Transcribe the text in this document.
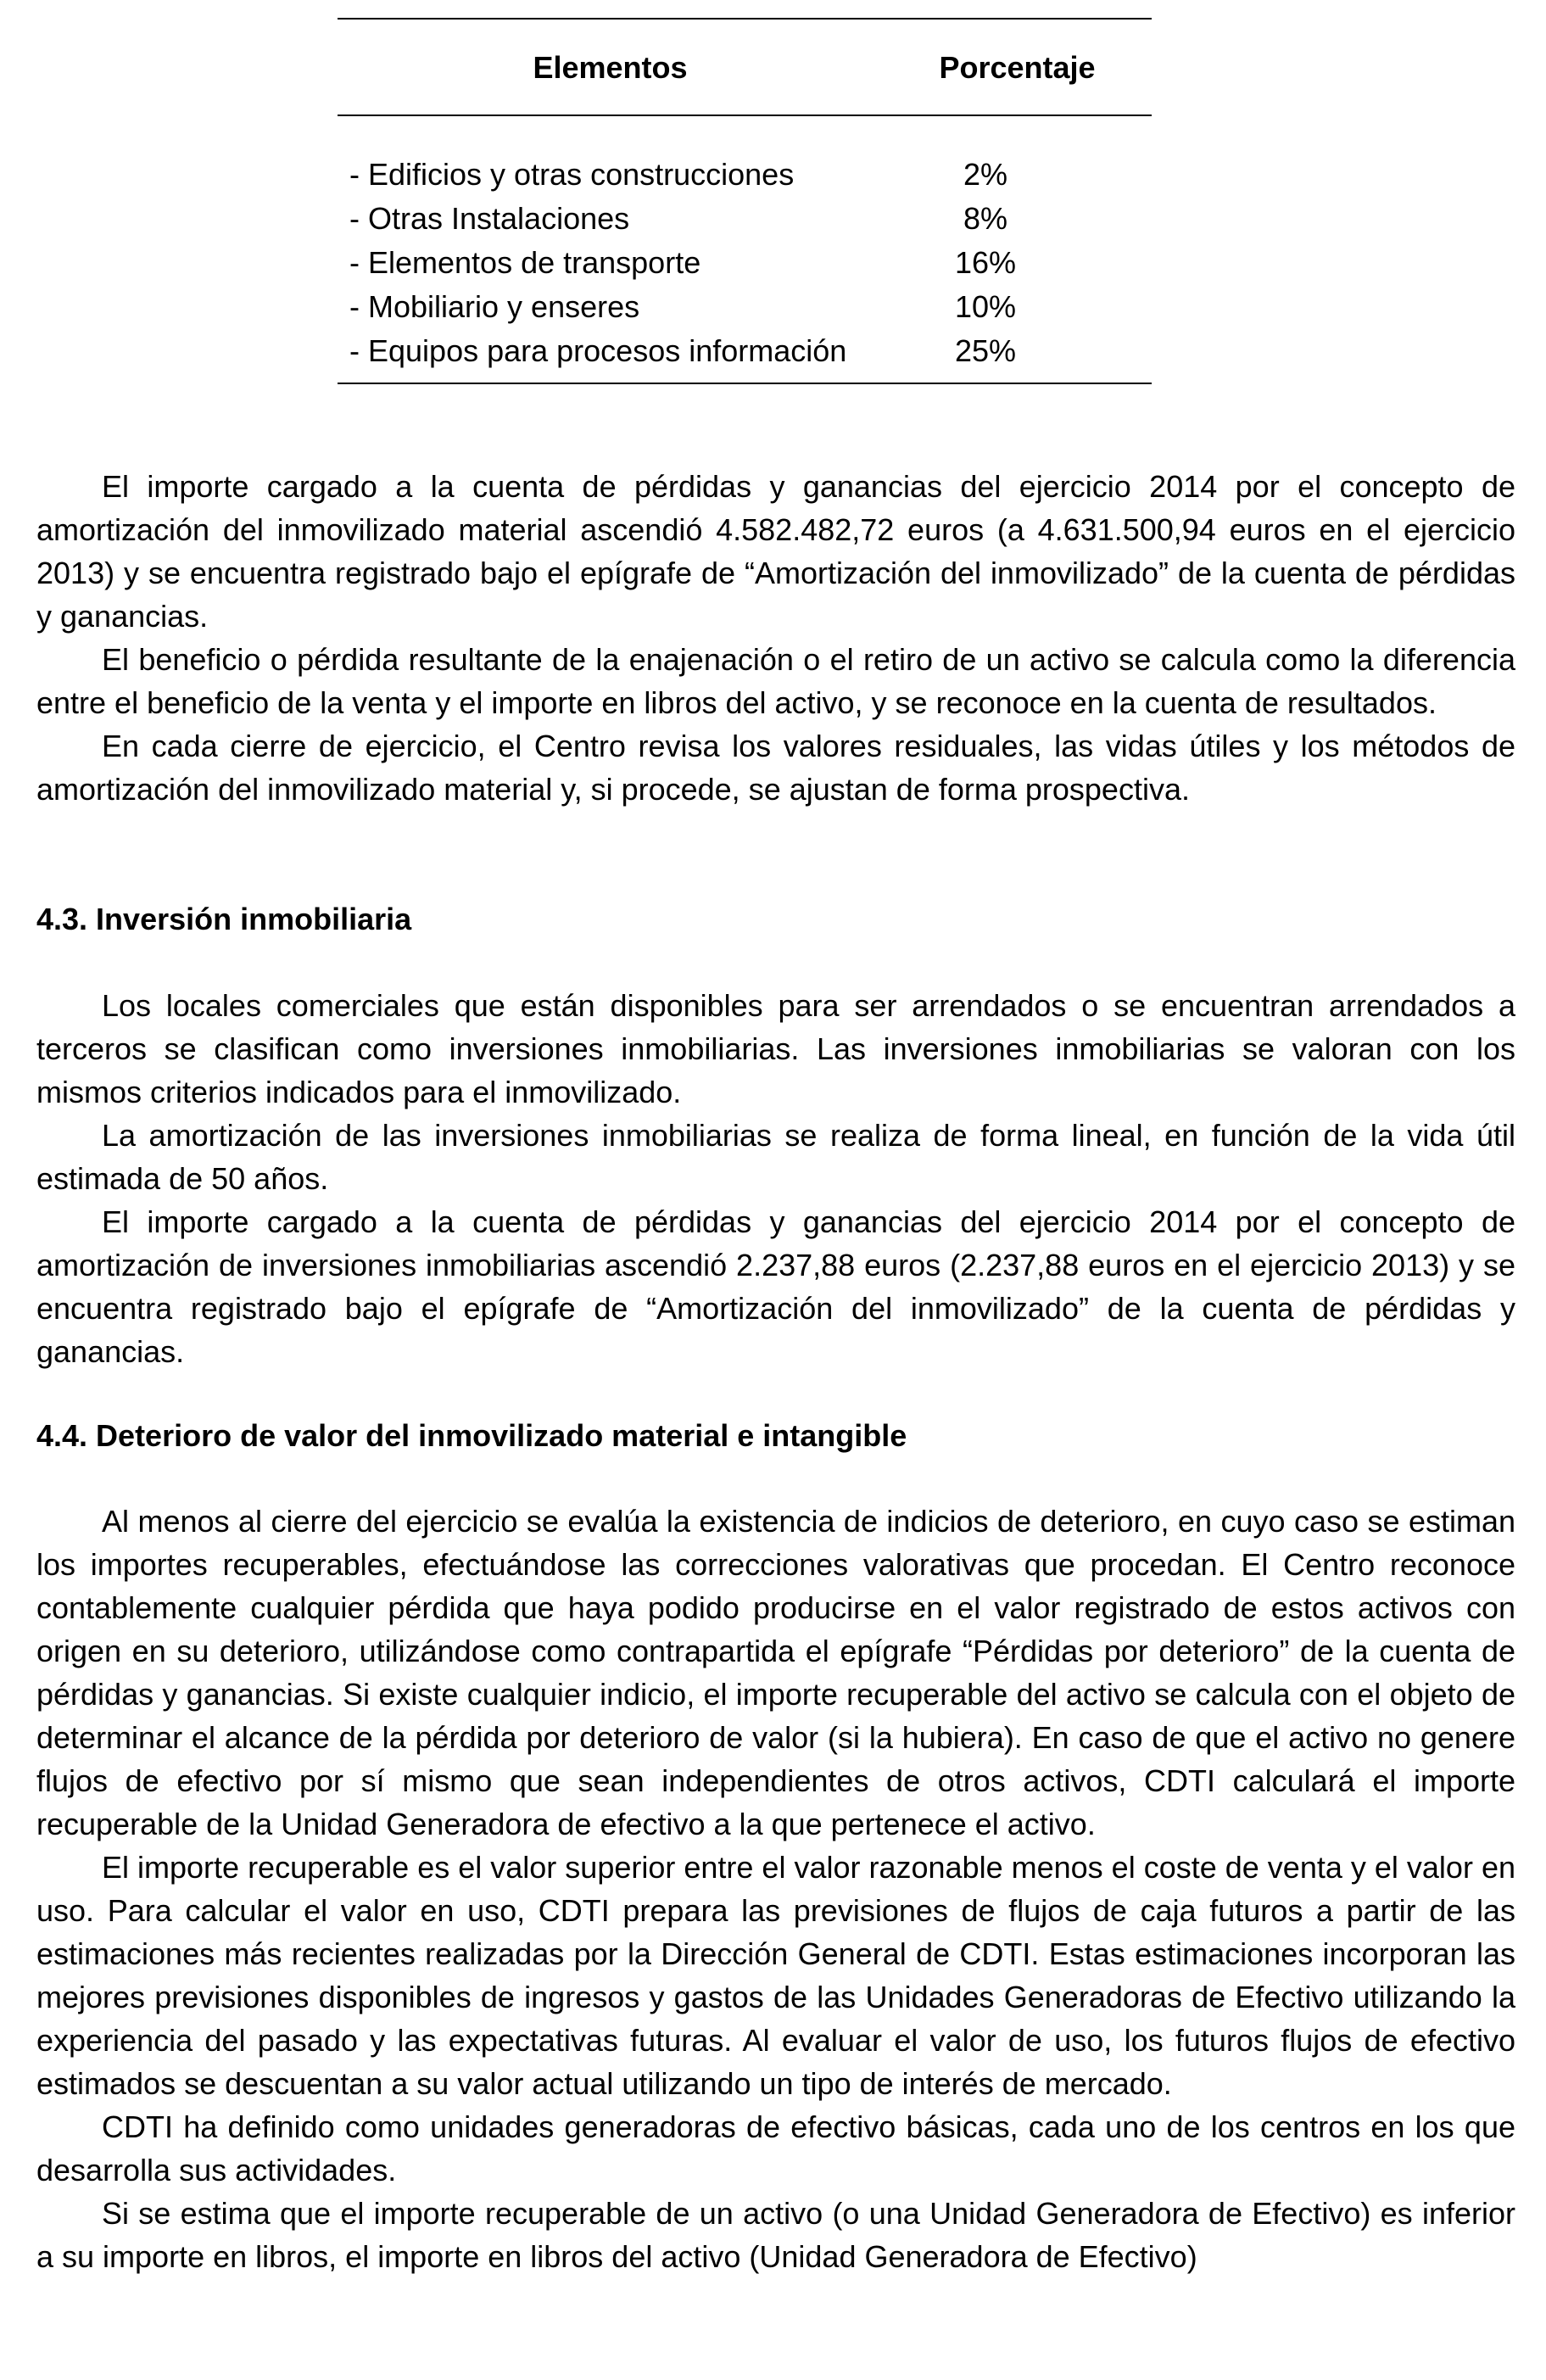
Elementos	Porcentaje
- Edificios y otras construcciones	2%
- Otras Instalaciones	8%
- Elementos de transporte	16%
- Mobiliario y enseres	10%
- Equipos para procesos información	25%

El importe cargado a la cuenta de pérdidas y ganancias del ejercicio 2014 por el concepto de amortización del inmovilizado material ascendió 4.582.482,72 euros (a 4.631.500,94 euros en el ejercicio 2013) y se encuentra registrado bajo el epígrafe de “Amortización del inmovilizado” de la cuenta de pérdidas y ganancias.

El beneficio o pérdida resultante de la enajenación o el retiro de un activo se calcula como la diferencia entre el beneficio de la venta y el importe en libros del activo, y se reconoce en la cuenta de resultados.

En cada cierre de ejercicio, el Centro revisa los valores residuales, las vidas útiles y los métodos de amortización del inmovilizado material y, si procede, se ajustan de forma prospectiva.

4.3. Inversión inmobiliaria

Los locales comerciales que están disponibles para ser arrendados o se encuentran arrendados a terceros se clasifican como inversiones inmobiliarias. Las inversiones inmobiliarias se valoran con los mismos criterios indicados para el inmovilizado.

La amortización de las inversiones inmobiliarias se realiza de forma lineal, en función de la vida útil estimada de 50 años.

El importe cargado a la cuenta de pérdidas y ganancias del ejercicio 2014 por el concepto de amortización de inversiones inmobiliarias ascendió 2.237,88 euros (2.237,88 euros en el ejercicio 2013) y se encuentra registrado bajo el epígrafe de “Amortización del inmovilizado” de la cuenta de pérdidas y ganancias.

4.4. Deterioro de valor del inmovilizado material e intangible

Al menos al cierre del ejercicio se evalúa la existencia de indicios de deterioro, en cuyo caso se estiman los importes recuperables, efectuándose las correcciones valorativas que procedan. El Centro reconoce contablemente cualquier pérdida que haya podido producirse en el valor registrado de estos activos con origen en su deterioro, utilizándose como contrapartida el epígrafe “Pérdidas por deterioro” de la cuenta de pérdidas y ganancias. Si existe cualquier indicio, el importe recuperable del activo se calcula con el objeto de determinar el alcance de la pérdida por deterioro de valor (si la hubiera). En caso de que el activo no genere flujos de efectivo por sí mismo que sean independientes de otros activos, CDTI calculará el importe recuperable de la Unidad Generadora de efectivo a la que pertenece el activo.

El importe recuperable es el valor superior entre el valor razonable menos el coste de venta y el valor en uso. Para calcular el valor en uso, CDTI prepara las previsiones de flujos de caja futuros a partir de las estimaciones más recientes realizadas por la Dirección General de CDTI. Estas estimaciones incorporan las mejores previsiones disponibles de ingresos y gastos de las Unidades Generadoras de Efectivo utilizando la experiencia del pasado y las expectativas futuras. Al evaluar el valor de uso, los futuros flujos de efectivo estimados se descuentan a su valor actual utilizando un tipo de interés de mercado.

CDTI ha definido como unidades generadoras de efectivo básicas, cada uno de los centros en los que desarrolla sus actividades.

Si se estima que el importe recuperable de un activo (o una Unidad Generadora de Efectivo) es inferior a su importe en libros, el importe en libros del activo (Unidad Generadora de Efectivo)
